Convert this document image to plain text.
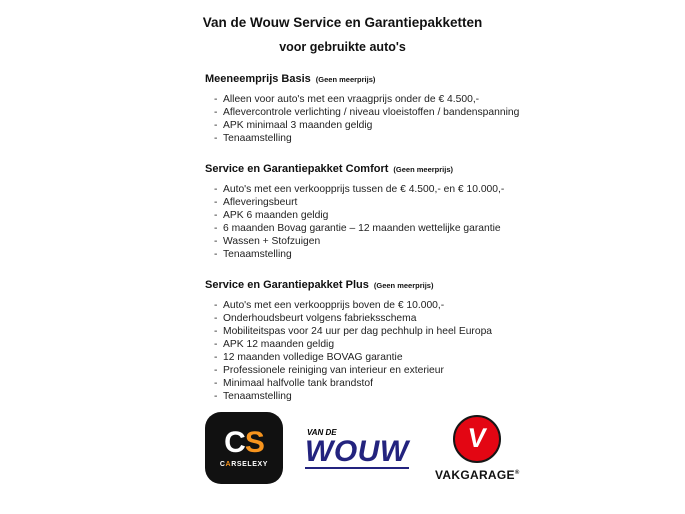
Van de Wouw Service en Garantiepakketten
voor gebruikte auto's
Meeneemprijs Basis (Geen meerprijs)
-
Alleen voor auto's met een vraagprijs onder de € 4.500,-
-
Aflevercontrole verlichting / niveau vloeistoffen / bandenspanning
-
APK minimaal 3 maanden geldig
-
Tenaamstelling
Service en Garantiepakket Comfort (Geen meerprijs)
-
Auto's met een verkoopprijs tussen de € 4.500,- en € 10.000,-
-
Afleveringsbeurt
-
APK 6 maanden geldig
-
6 maanden Bovag garantie – 12 maanden wettelijke garantie
-
Wassen + Stofzuigen
-
Tenaamstelling
Service en Garantiepakket Plus (Geen meerprijs)
-
Auto's met een verkoopprijs boven de € 10.000,-
-
Onderhoudsbeurt volgens fabrieksschema
-
Mobiliteitspas voor 24 uur per dag pechhulp in heel Europa
-
APK 12 maanden geldig
-
12 maanden volledige BOVAG garantie
-
Professionele reiniging van interieur en exterieur
-
Minimaal halfvolle tank brandstof
-
Tenaamstelling
CS
CARSELEXY
VAN DE
WOUW V
VAKGARAGE®
